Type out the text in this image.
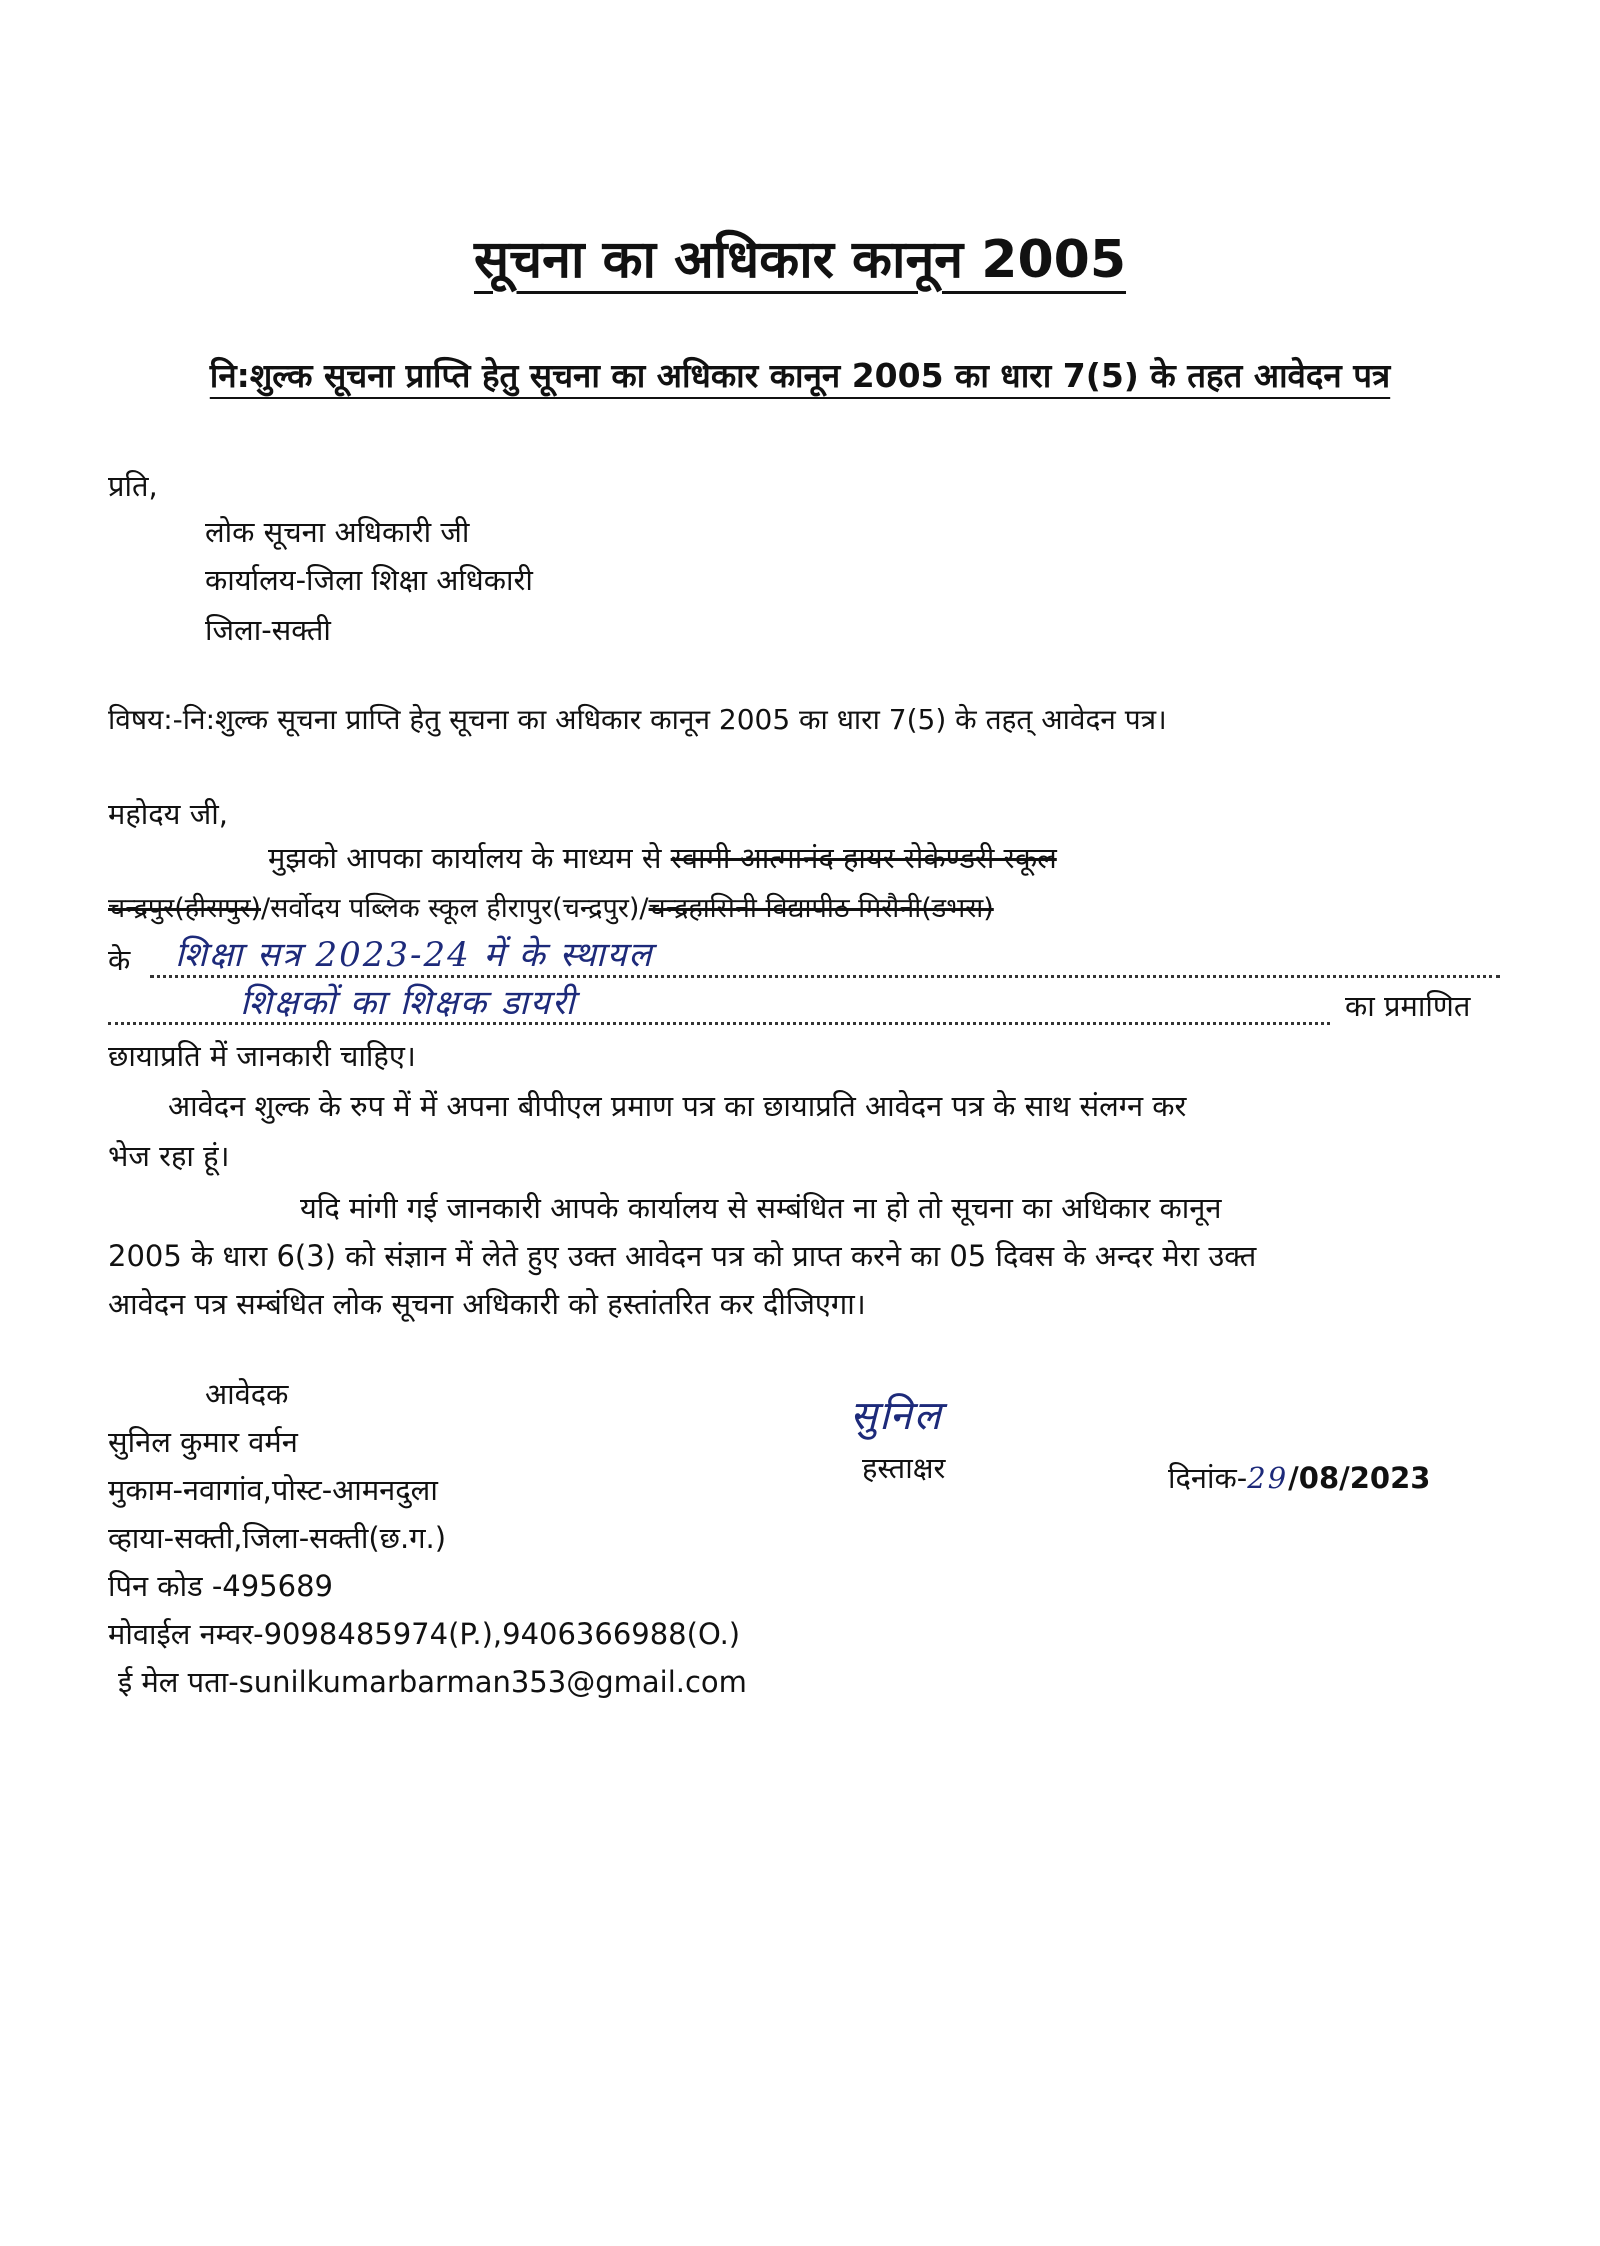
सूचना का अधिकार कानून 2005
नि:शुल्क सूचना प्राप्ति हेतु सूचना का अधिकार कानून 2005 का धारा 7(5) के तहत आवेदन पत्र
प्रति,
लोक सूचना अधिकारी जी
कार्यालय-जिला शिक्षा अधिकारी
जिला-सक्ती
विषय:-नि:शुल्क सूचना प्राप्ति हेतु सूचना का अधिकार कानून 2005 का धारा 7(5) के तहत् आवेदन पत्र।
महोदय जी,
मुझको आपका कार्यालय के माध्यम से स्वामी आत्मानंद हायर सेकेण्डरी स्कूल
चन्द्रपुर(हीरापुर)/सर्वोदय पब्लिक स्कूल हीरापुर(चन्द्रपुर)/चन्द्रहासिनी विद्यापीठ मिरौनी(डभरा)
के शिक्षा सत्र 2023-24 में के स्थायल
शिक्षकों का शिक्षक डायरी	का प्रमाणित
छायाप्रति में जानकारी चाहिए।
आवेदन शुल्क के रुप में में अपना बीपीएल प्रमाण पत्र का छायाप्रति आवेदन पत्र के साथ संलग्न कर
भेज रहा हूं।
यदि मांगी गई जानकारी आपके कार्यालय से सम्बंधित ना हो तो सूचना का अधिकार कानून
2005 के धारा 6(3) को संज्ञान में लेते हुए उक्त आवेदन पत्र को प्राप्त करने का 05 दिवस के अन्दर मेरा उक्त
आवेदन पत्र सम्बंधित लोक सूचना अधिकारी को हस्तांतरित कर दीजिएगा।
आवेदक
सुनिल कुमार वर्मन
मुकाम-नवागांव,पोस्ट-आमनदुला
व्हाया-सक्ती,जिला-सक्ती(छ.ग.)
पिन कोड -495689
मोवाईल नम्वर-9098485974(P.),9406366988(O.)
ई मेल पता-sunilkumarbarman353@gmail.com
सुनिल
हस्ताक्षर	दिनांक-29/08/2023
